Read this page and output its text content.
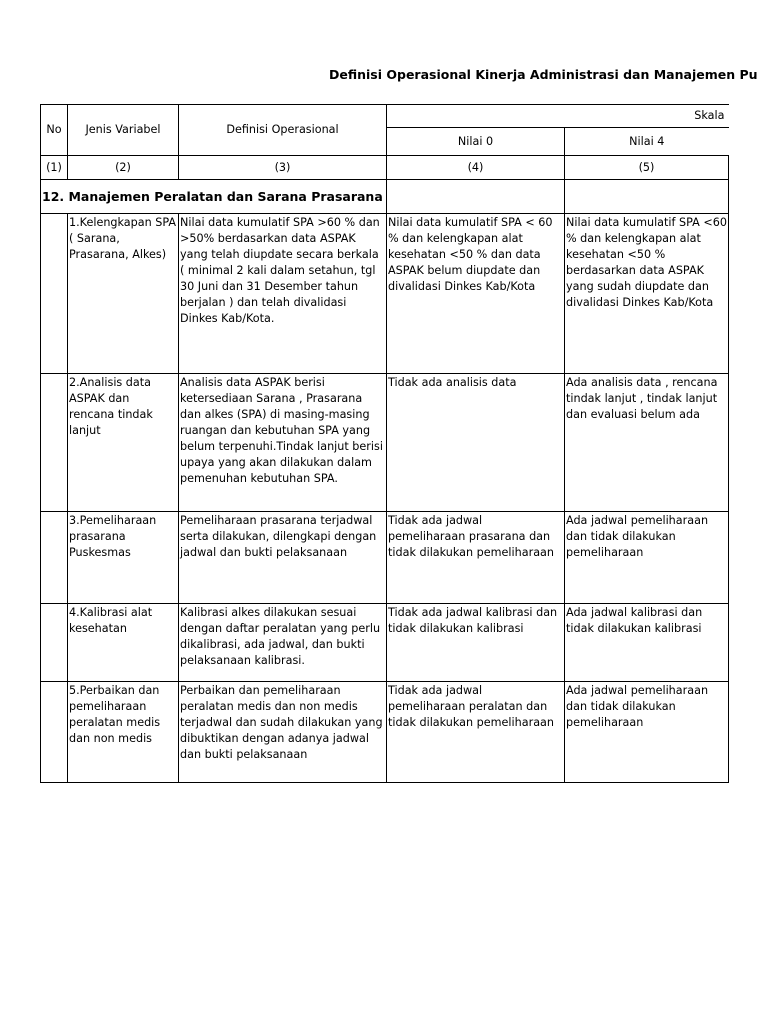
Definisi Operasional Kinerja Administrasi dan Manajemen Pu
No	Jenis Variabel	Definisi Operasional	Skala	
			Nilai 0	Nilai 4
(1)	(2)	(3)	(4)	(5)
12. Manajemen Peralatan dan Sarana Prasarana				
	1.Kelengkapan SPA ( Sarana, Prasarana, Alkes)	Nilai data kumulatif SPA >60 % dan >50% berdasarkan data ASPAK yang telah diupdate secara berkala ( minimal 2 kali dalam setahun, tgl 30 Juni dan 31 Desember tahun berjalan ) dan telah divalidasi Dinkes Kab/Kota.	Nilai data kumulatif SPA < 60 % dan kelengkapan alat kesehatan <50 % dan data ASPAK belum diupdate dan divalidasi Dinkes Kab/Kota	Nilai data kumulatif SPA <60 % dan kelengkapan alat kesehatan <50 % berdasarkan data ASPAK yang sudah diupdate dan divalidasi Dinkes Kab/Kota
	2.Analisis data ASPAK dan rencana tindak lanjut	Analisis data ASPAK berisi ketersediaan Sarana , Prasarana dan alkes (SPA) di masing-masing ruangan dan kebutuhan SPA yang belum terpenuhi.Tindak lanjut berisi upaya yang akan dilakukan dalam pemenuhan kebutuhan SPA.	Tidak ada analisis data	Ada analisis data , rencana tindak lanjut , tindak lanjut dan evaluasi belum ada
	3.Pemeliharaan prasarana Puskesmas	Pemeliharaan prasarana terjadwal serta dilakukan, dilengkapi dengan jadwal dan bukti pelaksanaan	Tidak ada jadwal pemeliharaan prasarana dan tidak dilakukan pemeliharaan	Ada jadwal pemeliharaan dan tidak dilakukan pemeliharaan
	4.Kalibrasi alat kesehatan	Kalibrasi alkes dilakukan sesuai dengan daftar peralatan yang perlu dikalibrasi, ada jadwal, dan bukti pelaksanaan kalibrasi.	Tidak ada jadwal kalibrasi dan tidak dilakukan kalibrasi	Ada jadwal kalibrasi dan tidak dilakukan kalibrasi
	5.Perbaikan dan pemeliharaan peralatan medis dan non medis	Perbaikan dan pemeliharaan peralatan medis dan non medis terjadwal dan sudah dilakukan yang dibuktikan dengan adanya jadwal dan bukti pelaksanaan	Tidak ada jadwal pemeliharaan peralatan dan tidak dilakukan pemeliharaan	Ada jadwal pemeliharaan dan tidak dilakukan pemeliharaan
